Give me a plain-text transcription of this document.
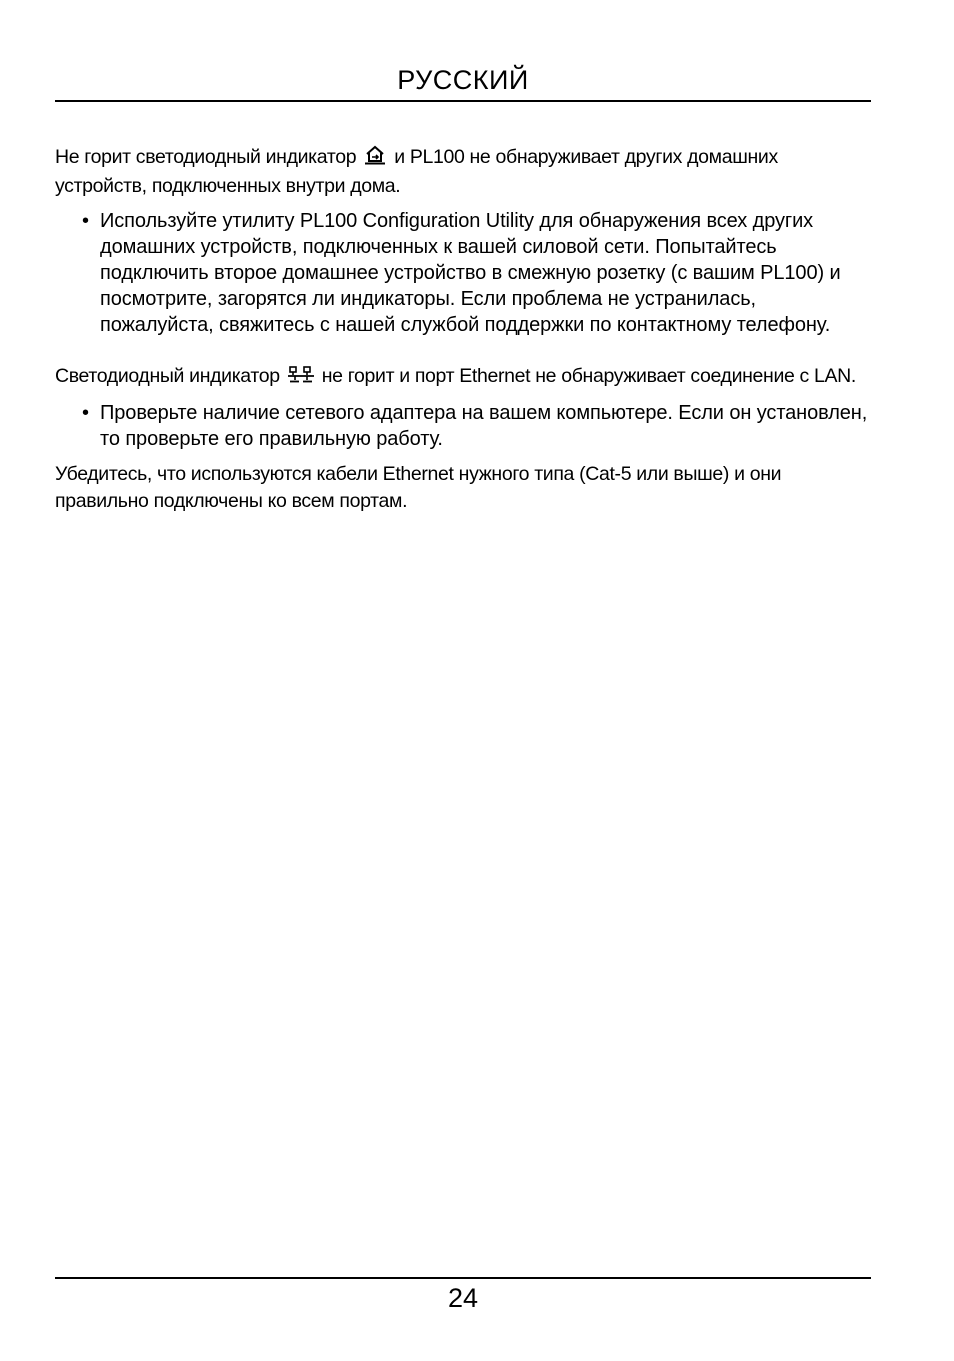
РУССКИЙ

Не горит светодиодный индикатор и PL100 не обнаруживает других домашних устройств, подключенных внутри дома.

• Используйте утилиту PL100 Configuration Utility для обнаружения всех других домашних устройств, подключенных к вашей силовой сети. Попытайтесь подключить второе домашнее устройство в смежную розетку (с вашим PL100) и посмотрите, загорятся ли индикаторы. Если проблема не устранилась, пожалуйста, свяжитесь с нашей службой поддержки по контактному телефону.

Светодиодный индикатор не горит и порт Ethernet не обнаруживает соединение с LAN.

• Проверьте наличие сетевого адаптера на вашем компьютере. Если он установлен, то проверьте его правильную работу.

Убедитесь, что используются кабели Ethernet нужного типа (Cat-5 или выше) и они правильно подключены ко всем портам.

24
